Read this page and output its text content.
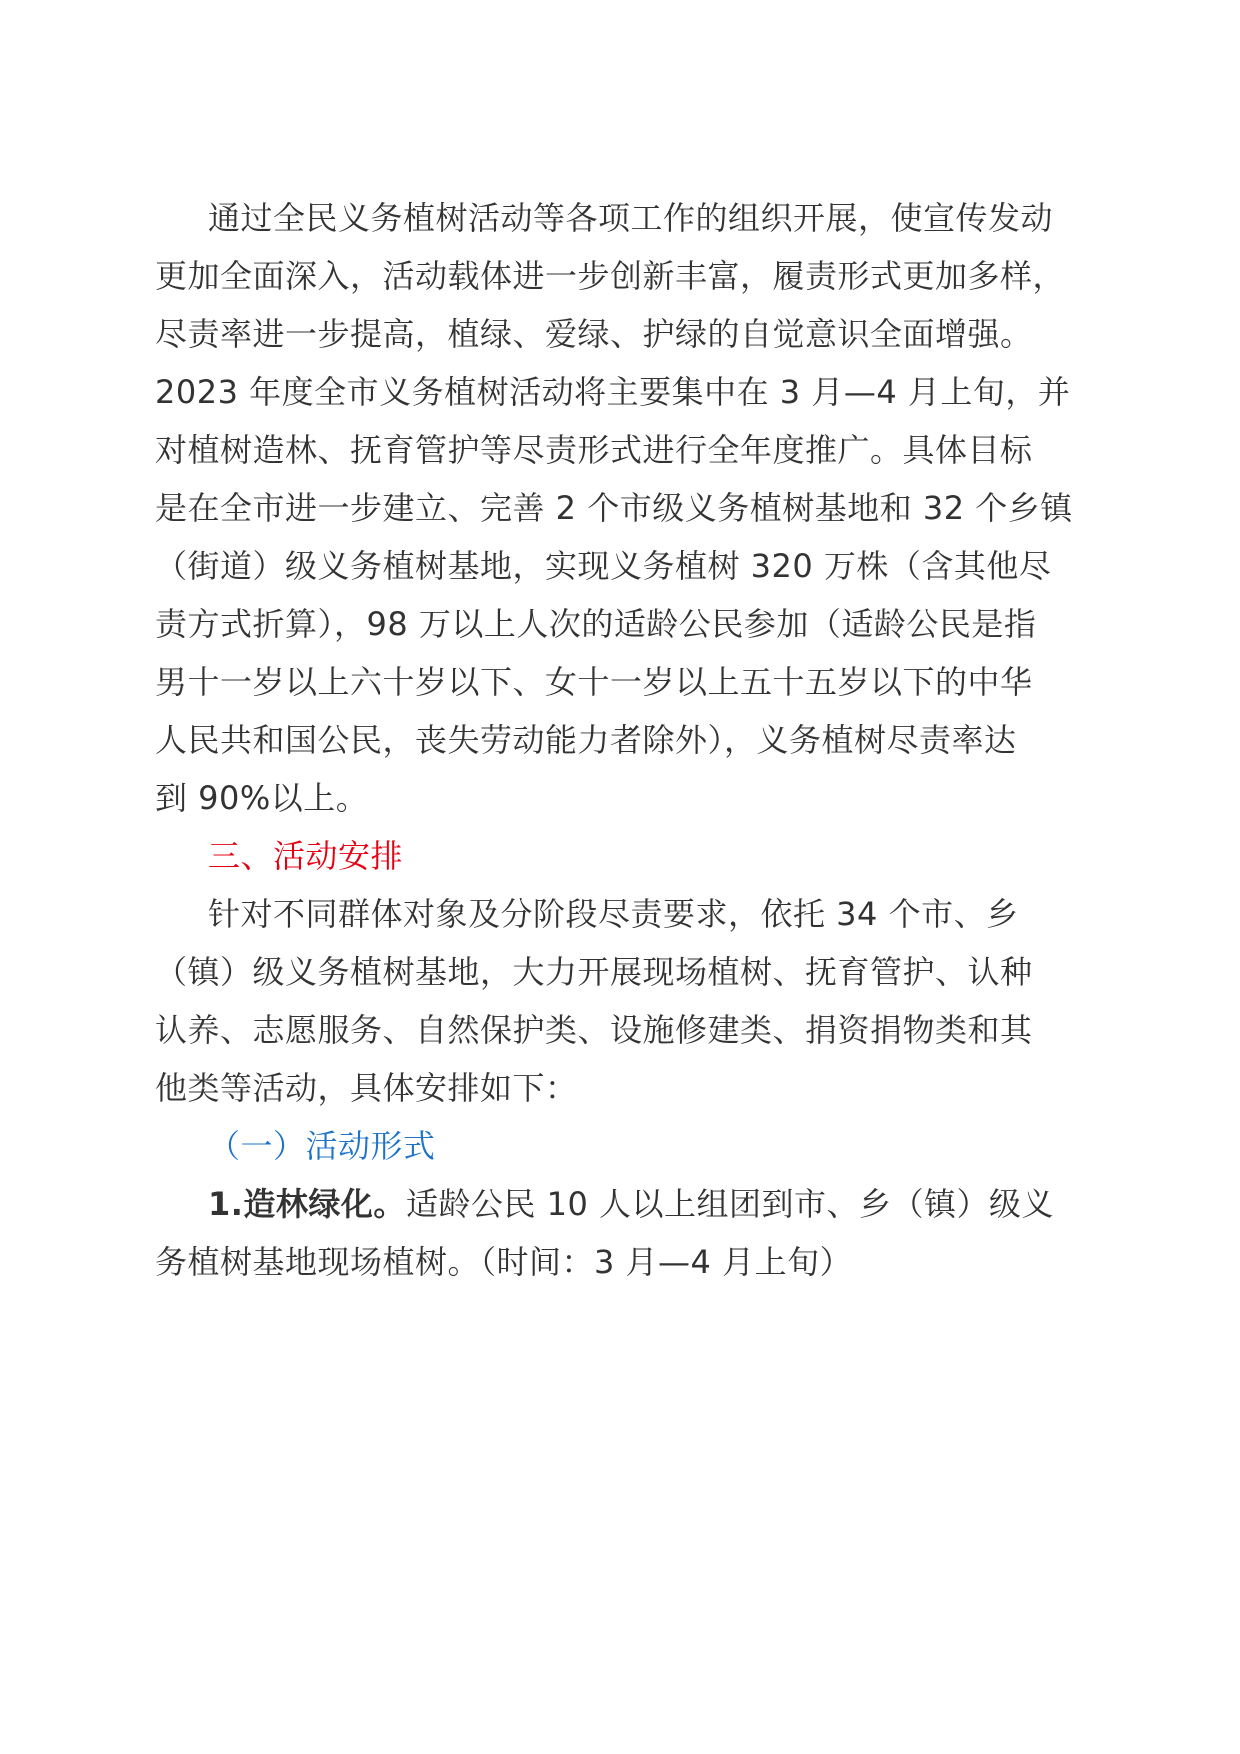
通过全民义务植树活动等各项工作的组织开展，使宣传发动
更加全面深入，活动载体进一步创新丰富，履责形式更加多样，
尽责率进一步提高，植绿、爱绿、护绿的自觉意识全面增强。
2023 年度全市义务植树活动将主要集中在 3 月—4 月上旬，并
对植树造林、抚育管护等尽责形式进行全年度推广。具体目标
是在全市进一步建立、完善 2 个市级义务植树基地和 32 个乡镇
（街道）级义务植树基地，实现义务植树 320 万株（含其他尽
责方式折算），98 万以上人次的适龄公民参加（适龄公民是指
男十一岁以上六十岁以下、女十一岁以上五十五岁以下的中华
人民共和国公民，丧失劳动能力者除外），义务植树尽责率达
到 90%以上。
三、活动安排
针对不同群体对象及分阶段尽责要求，依托 34 个市、乡
（镇）级义务植树基地，大力开展现场植树、抚育管护、认种
认养、志愿服务、自然保护类、设施修建类、捐资捐物类和其
他类等活动，具体安排如下：
（一）活动形式
1.造林绿化。适龄公民 10 人以上组团到市、乡（镇）级义
务植树基地现场植树。（时间：3 月—4 月上旬）
